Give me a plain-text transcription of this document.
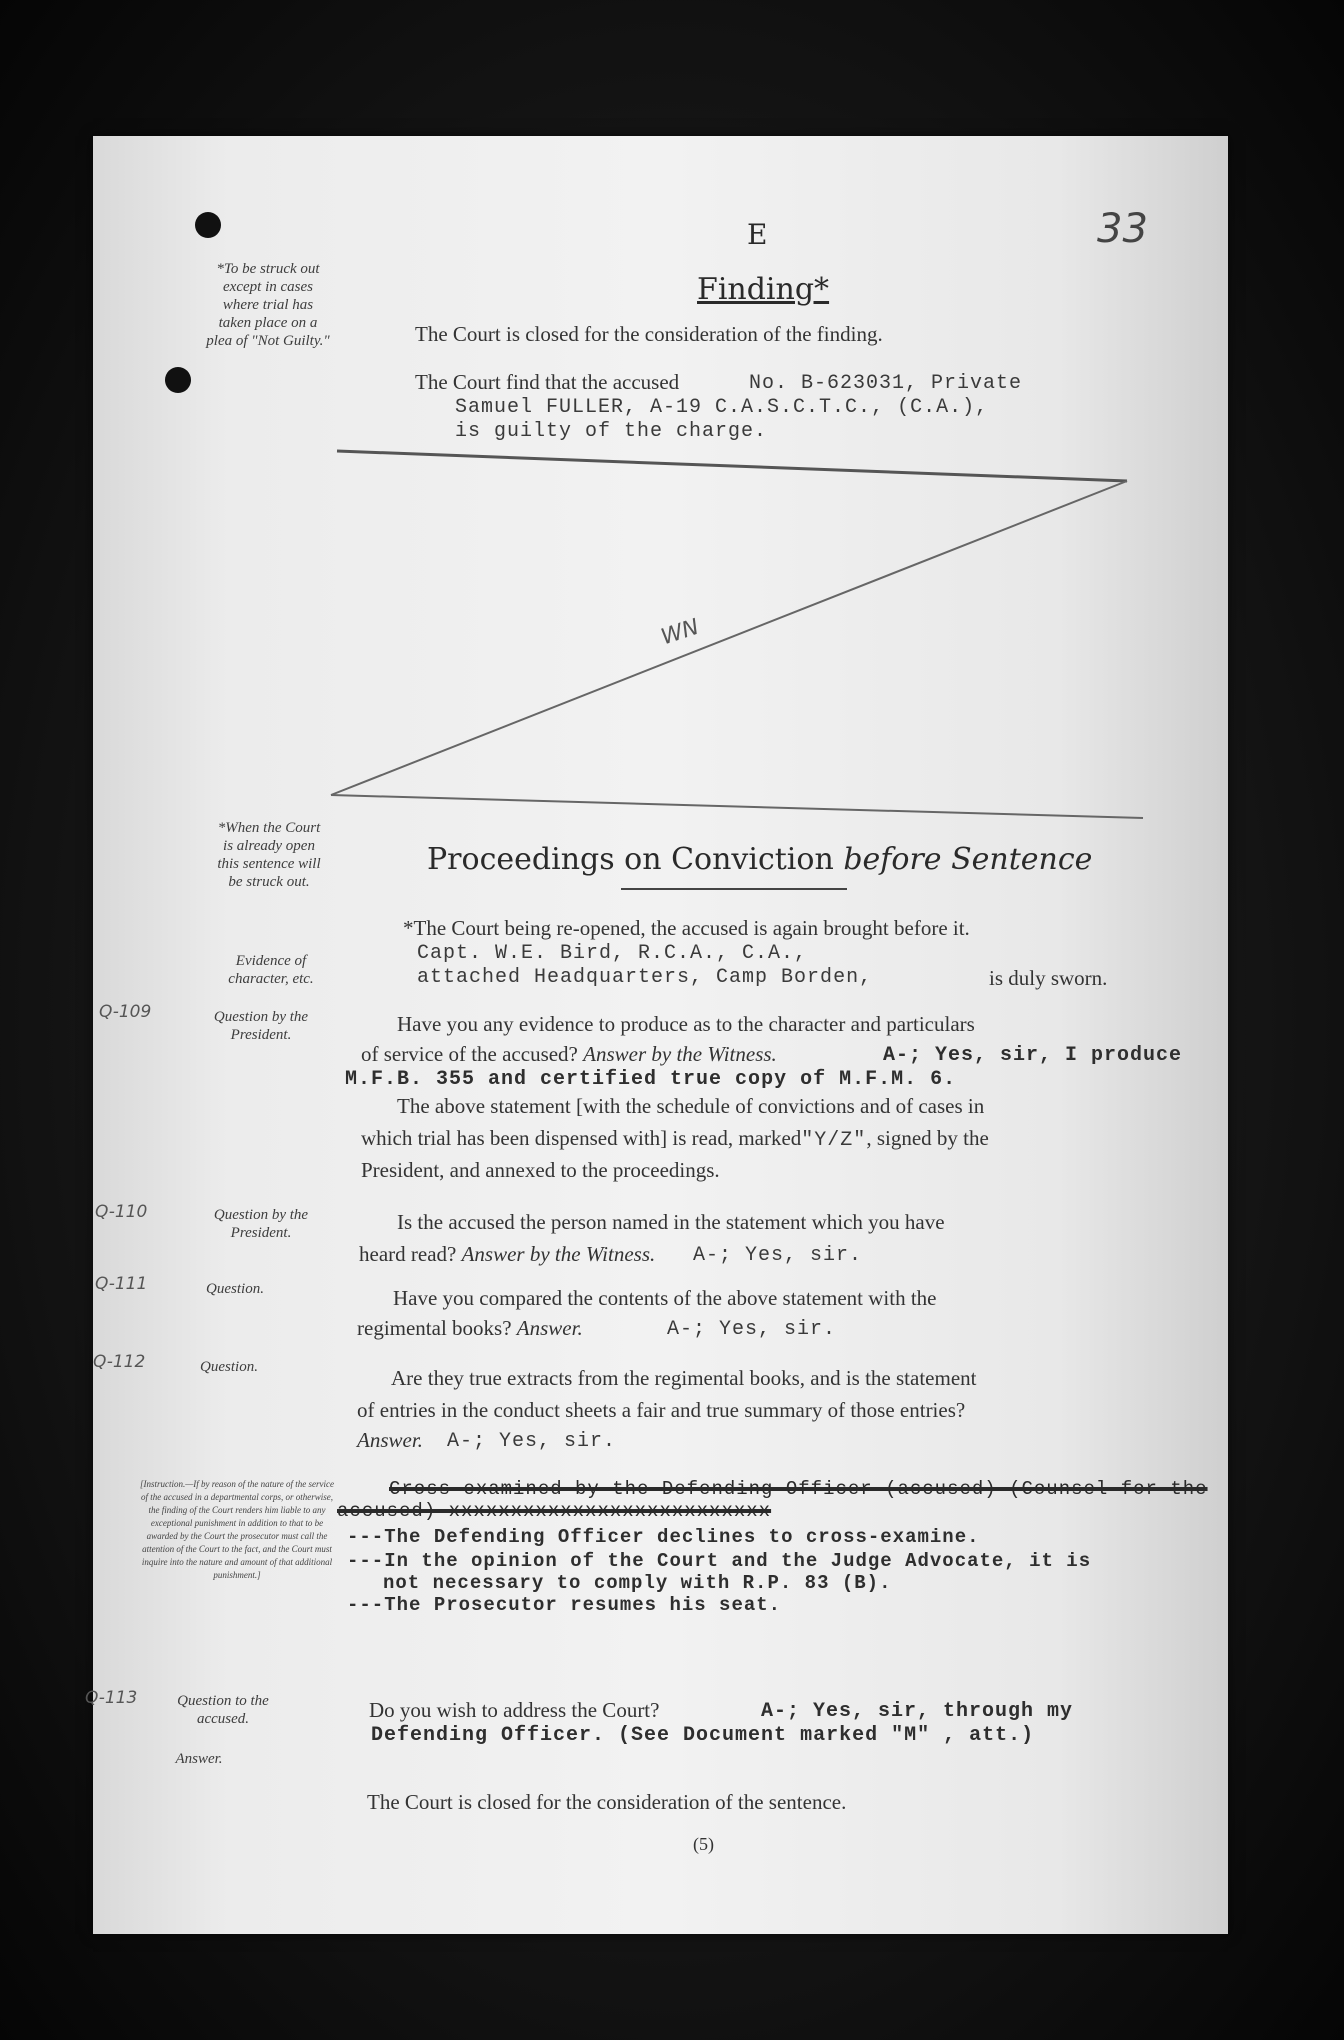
E	33
*To be struck out except in cases where trial has taken place on a plea of "Not Guilty."
Finding*
The Court is closed for the consideration of the finding.
The Court find that the accused	No. B-623031, Private
Samuel FULLER, A-19 C.A.S.C.T.C., (C.A.),
is guilty of the charge.
WN
*When the Court is already open this sentence will be struck out.
Evidence of character, etc.
Proceedings on Conviction before Sentence
*The Court being re-opened, the accused is again brought before it.
Capt. W.E. Bird, R.C.A., C.A.,
attached Headquarters, Camp Borden,	is duly sworn.
Q-109	Question by the President.	Have you any evidence to produce as to the character and particulars
of service of the accused? Answer by the Witness.	A-; Yes, sir, I produce
M.F.B. 355 and certified true copy of M.F.M. 6.
The above statement [with the schedule of convictions and of cases in
which trial has been dispensed with] is read, marked"Y/Z", signed by the
President, and annexed to the proceedings.
Q-110	Question by the President.	Is the accused the person named in the statement which you have
heard read? Answer by the Witness. A-; Yes, sir.
Q-111	Question.	Have you compared the contents of the above statement with the
regimental books? Answer.	A-; Yes, sir.
Q-112	Question.	Are they true extracts from the regimental books, and is the statement
of entries in the conduct sheets a fair and true summary of those entries?
Answer. A-; Yes, sir.
[Instruction.—If by reason of the nature of the service of the accused in a departmental corps, or otherwise, the finding of the Court renders him liable to any exceptional punishment in addition to that to be awarded by the Court the prosecutor must call the attention of the Court to the fact, and the Court must inquire into the nature and amount of that additional punishment.]
Cross-examined by the Defending Officer (accused) (Counsel for the
accused) xxxxxxxxxxxxxxxxxxxxxxxxxx
---The Defending Officer declines to cross-examine.
---In the opinion of the Court and the Judge Advocate, it is
not necessary to comply with R.P. 83 (B).
---The Prosecutor resumes his seat.
Q-113	Question to the accused.
Answer.
Do you wish to address the Court?	A-; Yes, sir, through my
Defending Officer. (See Document marked "M" , att.)
The Court is closed for the consideration of the sentence.
(5)
